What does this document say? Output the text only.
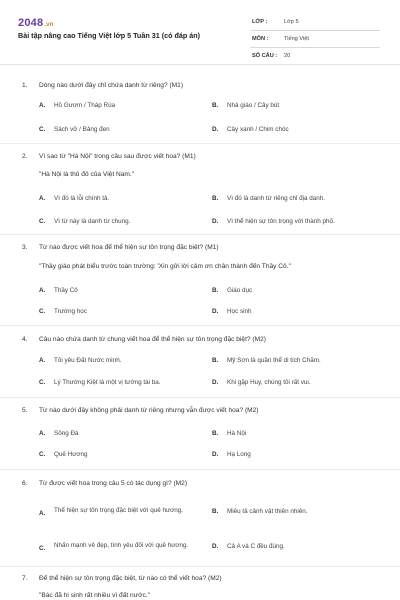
2048.vn
Bài tập nâng cao Tiếng Việt lớp 5 Tuần 31 (có đáp án)
LỚP :	Lớp 5
MÔN :	Tiếng Việt
SỐ CÂU : 20
1. Dòng nào dưới đây chỉ chứa danh từ riêng? (M1)
A. Hồ Gươm / Tháp Rùa	B. Nhà giáo / Cây bút
C. Sách vở / Bảng đen	D. Cây xanh / Chim chóc
2. Vì sao từ "Hà Nội" trong câu sau được viết hoa? (M1)
"Hà Nội là thủ đô của Việt Nam."
A. Vì đó là lỗi chính tả.	B. Vì đó là danh từ riêng chỉ địa danh.
C. Vì từ này là danh từ chung.	D. Vì thể hiện sự tôn trọng với thành phố.
3. Từ nào được viết hoa để thể hiện sự tôn trọng đặc biệt? (M1)
"Thầy giáo phát biểu trước toàn trường: 'Xin gửi lời cảm ơn chân thành đến Thầy Cô."
A. Thầy Cô	B. Giáo dục
C. Trường học	D. Học sinh
4. Câu nào chứa danh từ chung viết hoa để thể hiện sự tôn trọng đặc biệt? (M2)
A. Tôi yêu Đất Nước mình.	B. Mỹ Sơn là quần thể di tích Chăm.
C. Lý Thường Kiệt là một vị tướng tài ba.	D. Khi gặp Huy, chúng tôi rất vui.
5. Từ nào dưới đây không phải danh từ riêng nhưng vẫn được viết hoa? (M2)
A. Sông Đà	B. Hà Nội
C. Quê Hương	D. Hạ Long
6. Từ được viết hoa trong câu 5 có tác dụng gì? (M2)
A. Thể hiện sự tôn trọng đặc biệt với quê hương.	B. Miêu tả cảnh vật thiên nhiên.
C. Nhấn mạnh vẻ đẹp, tình yêu đối với quê hương.	D. Cả A và C đều đúng.
7. Để thể hiện sự tôn trọng đặc biệt, từ nào có thể viết hoa? (M2)
"Bác đã hi sinh rất nhiều vì đất nước."
